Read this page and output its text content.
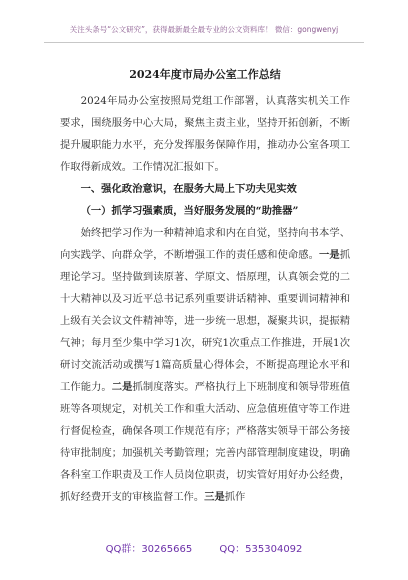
关注头条号“公文研究”，获得最新最全最专业的公文资料库！ 微信：gongwenyj
2024年度市局办公室工作总结

2024年局办公室按照局党组工作部署，认真落实机关工作要求，围绕服务中心大局，聚焦主责主业，坚持开拓创新，不断提升履职能力水平，充分发挥服务保障作用，推动办公室各项工作取得新成效。工作情况汇报如下。

一、强化政治意识，在服务大局上下功夫见实效

（一）抓学习强素质，当好服务发展的“助推器”

始终把学习作为一种精神追求和内在自觉，坚持向书本学、向实践学、向群众学，不断增强工作的责任感和使命感。一是抓理论学习。坚持做到读原著、学原文、悟原理，认真领会党的二十大精神以及习近平总书记系列重要讲话精神、重要训词精神和上级有关会议文件精神等，进一步统一思想，凝聚共识，提振精气神；每月至少集中学习1次，研究1次重点工作推进，开展1次研讨交流活动或撰写1篇高质量心得体会，不断提高理论水平和工作能力。二是抓制度落实。严格执行上下班制度和领导带班值班等各项规定，对机关工作和重大活动、应急值班值守等工作进行督促检查，确保各项工作规范有序；严格落实领导干部公务接待审批制度；加强机关考勤管理；完善内部管理制度建设，明确各科室工作职责及工作人员岗位职责，切实管好用好办公经费，抓好经费开支的审核监督工作。三是抓作

QQ群：30265665	QQ：535304092
